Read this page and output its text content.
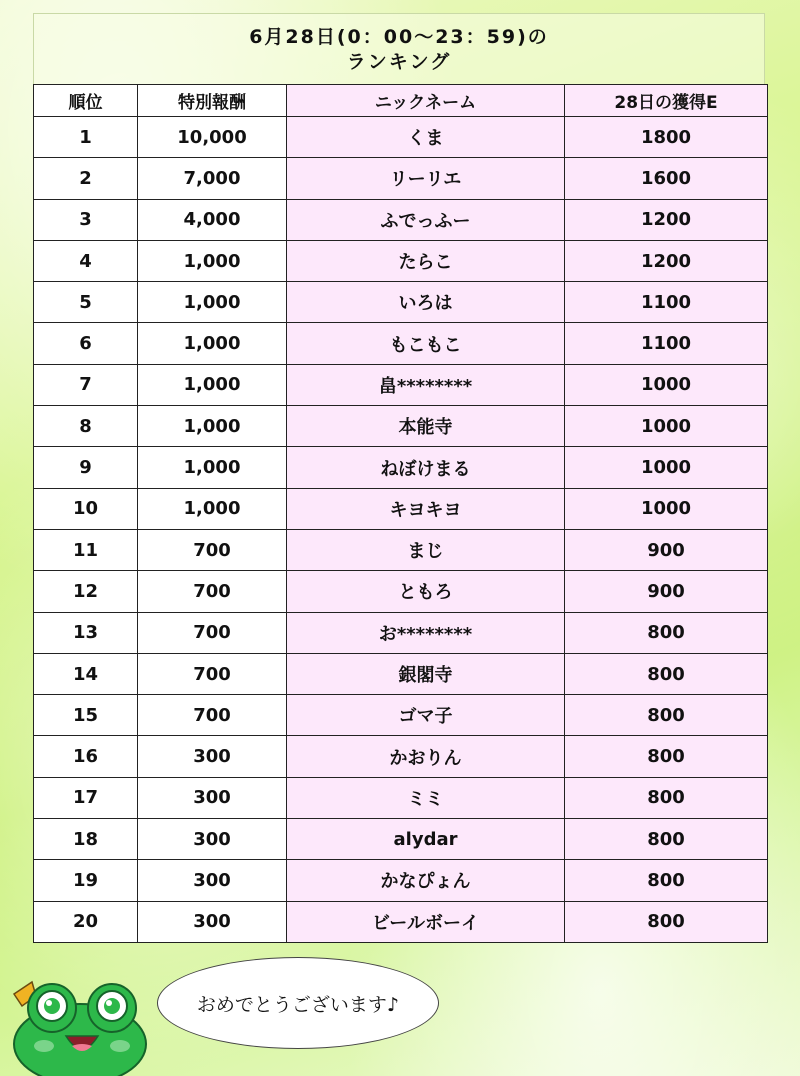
6月28日(0：00～23：59)の
ランキング
順位	特別報酬	ニックネーム	28日の獲得E
1	10,000	くま	1800
2	7,000	リーリエ	1600
3	4,000	ふでっふー	1200
4	1,000	たらこ	1200
5	1,000	いろは	1100
6	1,000	もこもこ	1100
7	1,000	畠********	1000
8	1,000	本能寺	1000
9	1,000	ねぼけまる	1000
10	1,000	キヨキヨ	1000
11	700	まじ	900
12	700	ともろ	900
13	700	お********	800
14	700	銀閣寺	800
15	700	ゴマ子	800
16	300	かおりん	800
17	300	ミミ	800
18	300	alydar	800
19	300	かなぴょん	800
20	300	ビールボーイ	800
おめでとうございます♪
